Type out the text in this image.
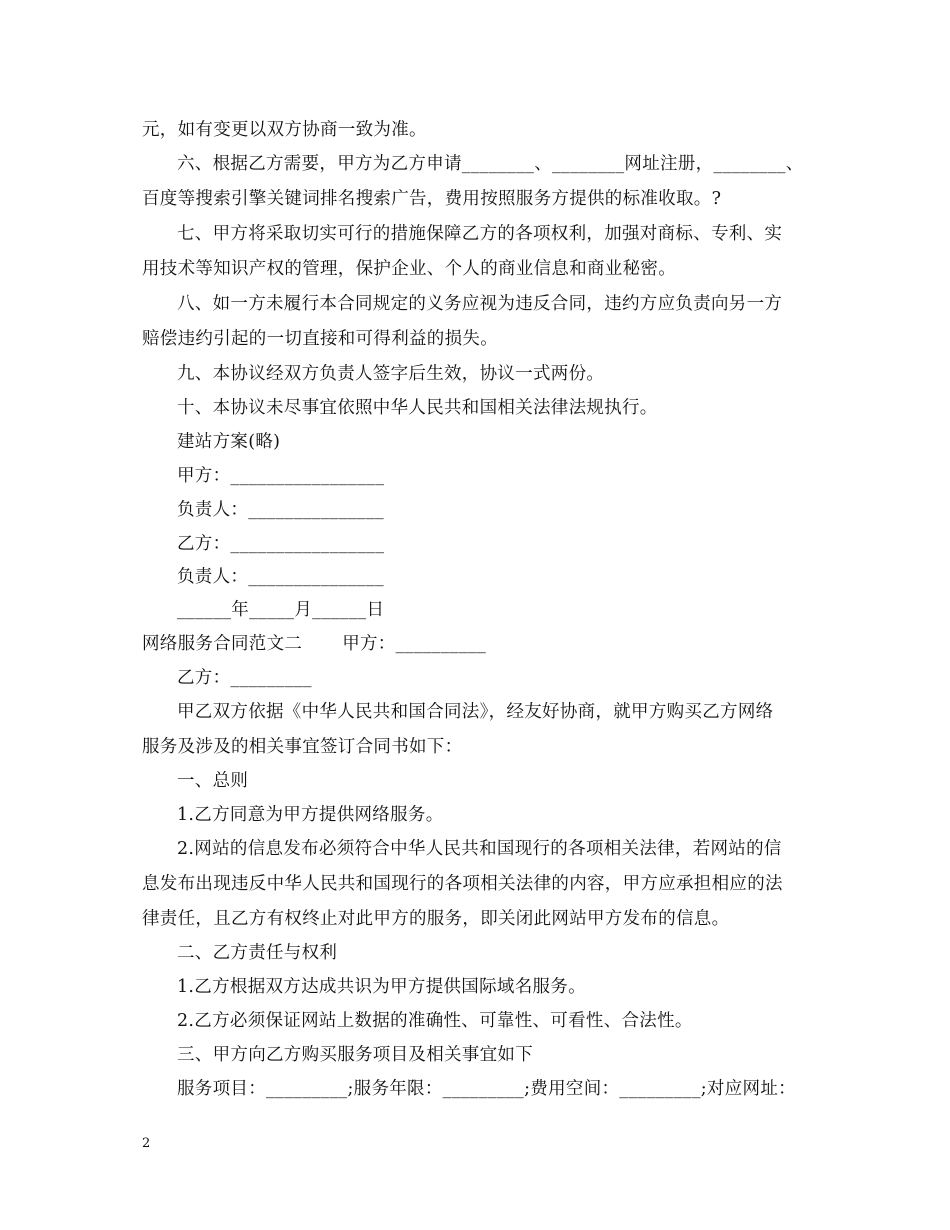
元，如有变更以双方协商一致为准。
六、根据乙方需要，甲方为乙方申请________、________网址注册，________、
百度等搜索引擎关键词排名搜索广告，费用按照服务方提供的标准收取。?
七、甲方将采取切实可行的措施保障乙方的各项权利，加强对商标、专利、实
用技术等知识产权的管理，保护企业、个人的商业信息和商业秘密。
八、如一方未履行本合同规定的义务应视为违反合同，违约方应负责向另一方
赔偿违约引起的一切直接和可得利益的损失。
九、本协议经双方负责人签字后生效，协议一式两份。
十、本协议未尽事宜依照中华人民共和国相关法律法规执行。
建站方案(略)
甲方：_________________
负责人：_______________
乙方：_________________
负责人：_______________
______年_____月______日
网络服务合同范文二 甲方：__________
乙方：_________
甲乙双方依据《中华人民共和国合同法》，经友好协商，就甲方购买乙方网络
服务及涉及的相关事宜签订合同书如下：
一、总则
1.乙方同意为甲方提供网络服务。
2.网站的信息发布必须符合中华人民共和国现行的各项相关法律，若网站的信
息发布出现违反中华人民共和国现行的各项相关法律的内容，甲方应承担相应的法
律责任，且乙方有权终止对此甲方的服务，即关闭此网站甲方发布的信息。
二、乙方责任与权利
1.乙方根据双方达成共识为甲方提供国际域名服务。
2.乙方必须保证网站上数据的准确性、可靠性、可看性、合法性。
三、甲方向乙方购买服务项目及相关事宜如下
服务项目：_________;服务年限：_________;费用空间：_________;对应网址：
2
